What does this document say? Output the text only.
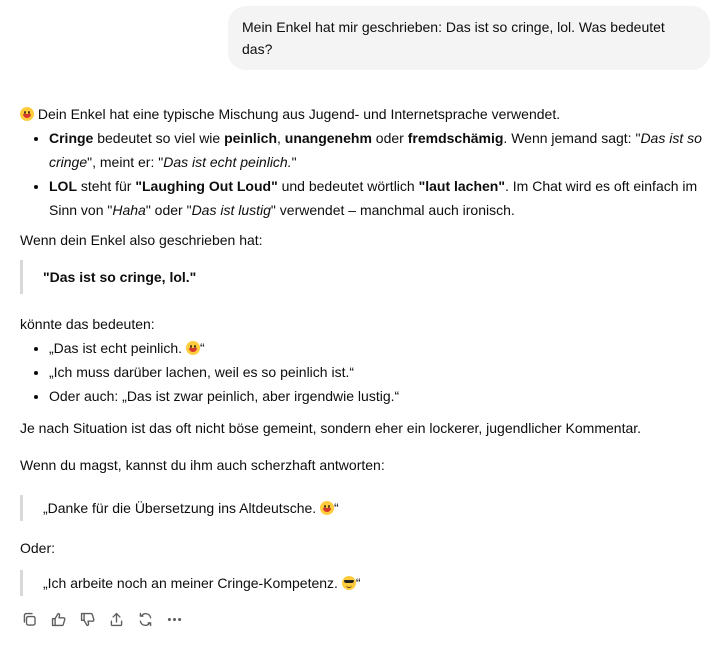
Mein Enkel hat mir geschrieben: Das ist so cringe, lol. Was bedeutet das?

Dein Enkel hat eine typische Mischung aus Jugend- und Internetsprache verwendet.

• Cringe bedeutet so viel wie peinlich, unangenehm oder fremdschämig. Wenn jemand sagt: "Das ist so cringe", meint er: "Das ist echt peinlich."
• LOL steht für "Laughing Out Loud" und bedeutet wörtlich "laut lachen". Im Chat wird es oft einfach im Sinn von "Haha" oder "Das ist lustig" verwendet – manchmal auch ironisch.

Wenn dein Enkel also geschrieben hat:

"Das ist so cringe, lol."

könnte das bedeuten:

• „Das ist echt peinlich.
“
• „Ich muss darüber lachen, weil es so peinlich ist.“
• Oder auch: „Das ist zwar peinlich, aber irgendwie lustig.“

Je nach Situation ist das oft nicht böse gemeint, sondern eher ein lockerer, jugendlicher Kommentar.

Wenn du magst, kannst du ihm auch scherzhaft antworten:

„Danke für die Übersetzung ins Altdeutsche.
“

Oder:

„Ich arbeite noch an meiner Cringe-Kompetenz.
“
